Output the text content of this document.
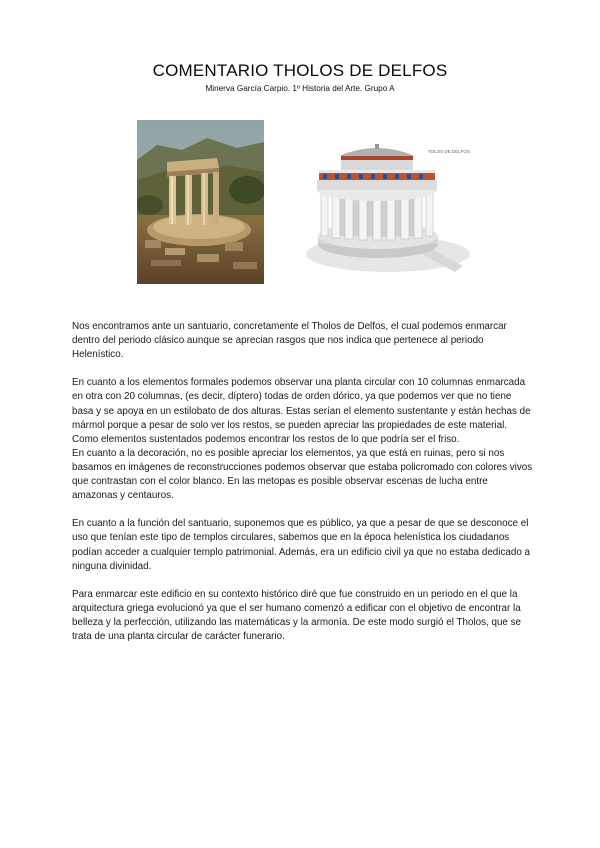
COMENTARIO THOLOS DE DELFOS
Minerva García Carpio. 1º Historia del Arte. Grupo A
TOLOS DE DELFOS

Nos encontramos ante un santuario, concretamente el Tholos de Delfos, el cual podemos enmarcar dentro del periodo clásico aunque se aprecian rasgos que nos indica que pertenece al periodo Helenístico.

En cuanto a los elementos formales podemos observar una planta circular con 10 columnas enmarcada en otra con 20 columnas, (es decir, díptero) todas de orden dórico, ya que podemos ver que no tiene basa y se apoya en un estilobato de dos alturas. Estas serían el elemento sustentante y están hechas de mármol porque a pesar de solo ver los restos, se pueden apreciar las propiedades de este material. Como elementos sustentados podemos encontrar los restos de lo que podría ser el friso.

En cuanto a la decoración, no es posible apreciar los elementos, ya que está en ruinas, pero si nos basamos en imágenes de reconstrucciones podemos observar que estaba policromado con colores vivos que contrastan con el color blanco. En las metopas es posible observar escenas de lucha entre amazonas y centauros.

En cuanto a la función del santuario, suponemos que es público, ya que a pesar de que se desconoce el uso que tenían este tipo de templos circulares, sabemos que en la época helenística los ciudadanos podían acceder a cualquier templo patrimonial. Además, era un edificio civil ya que no estaba dedicado a ninguna divinidad.

Para enmarcar este edificio en su contexto histórico diré que fue construido en un periodo en el que la arquitectura griega evolucionó ya que el ser humano comenzó a edificar con el objetivo de encontrar la belleza y la perfección, utilizando las matemáticas y la armonía. De este modo surgió el Tholos, que se trata de una planta circular de carácter funerario.
